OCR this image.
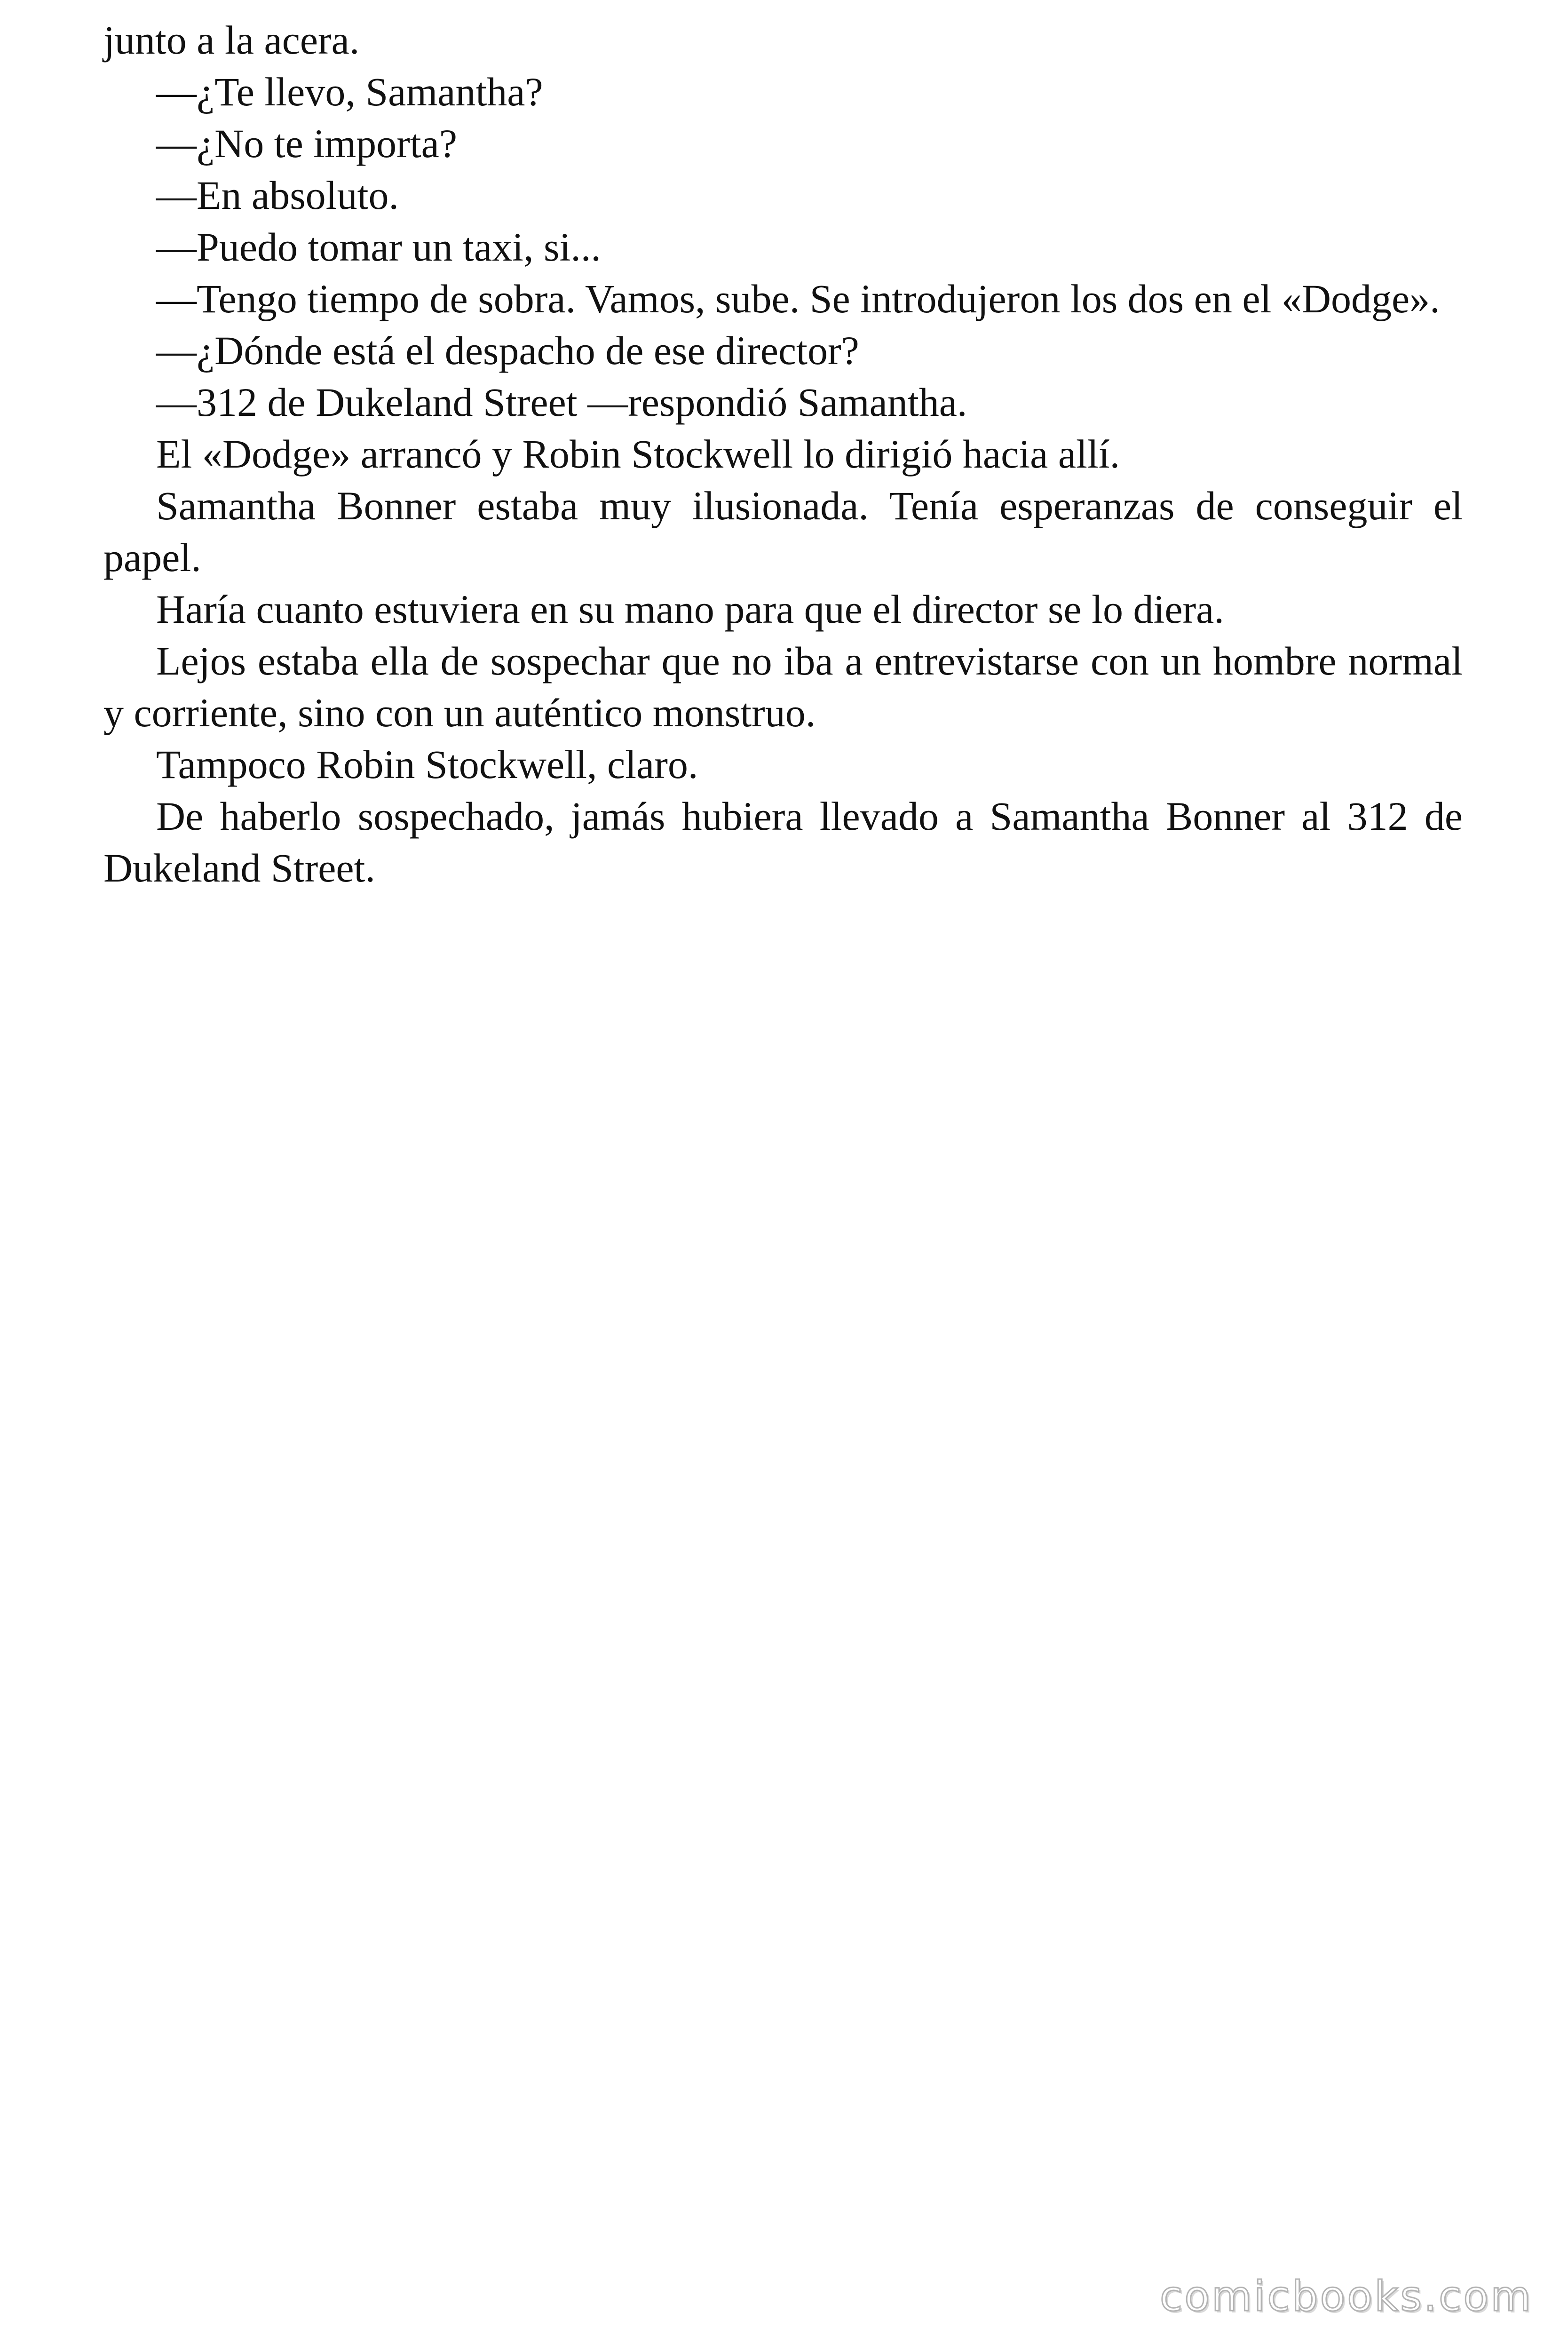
junto a la acera.

—¿Te llevo, Samantha?

—¿No te importa?

—En absoluto.

—Puedo tomar un taxi, si...

—Tengo tiempo de sobra. Vamos, sube. Se introdujeron los dos en el «Dodge».

—¿Dónde está el despacho de ese director?

—312 de Dukeland Street —respondió Samantha.

El «Dodge» arrancó y Robin Stockwell lo dirigió hacia allí.

Samantha Bonner estaba muy ilusionada. Tenía esperanzas de conseguir el papel.

Haría cuanto estuviera en su mano para que el director se lo diera.

Lejos estaba ella de sospechar que no iba a entrevistarse con un hombre normal y corriente, sino con un auténtico monstruo.

Tampoco Robin Stockwell, claro.

De haberlo sospechado, jamás hubiera llevado a Samantha Bonner al 312 de Dukeland Street.

comicbooks.com
